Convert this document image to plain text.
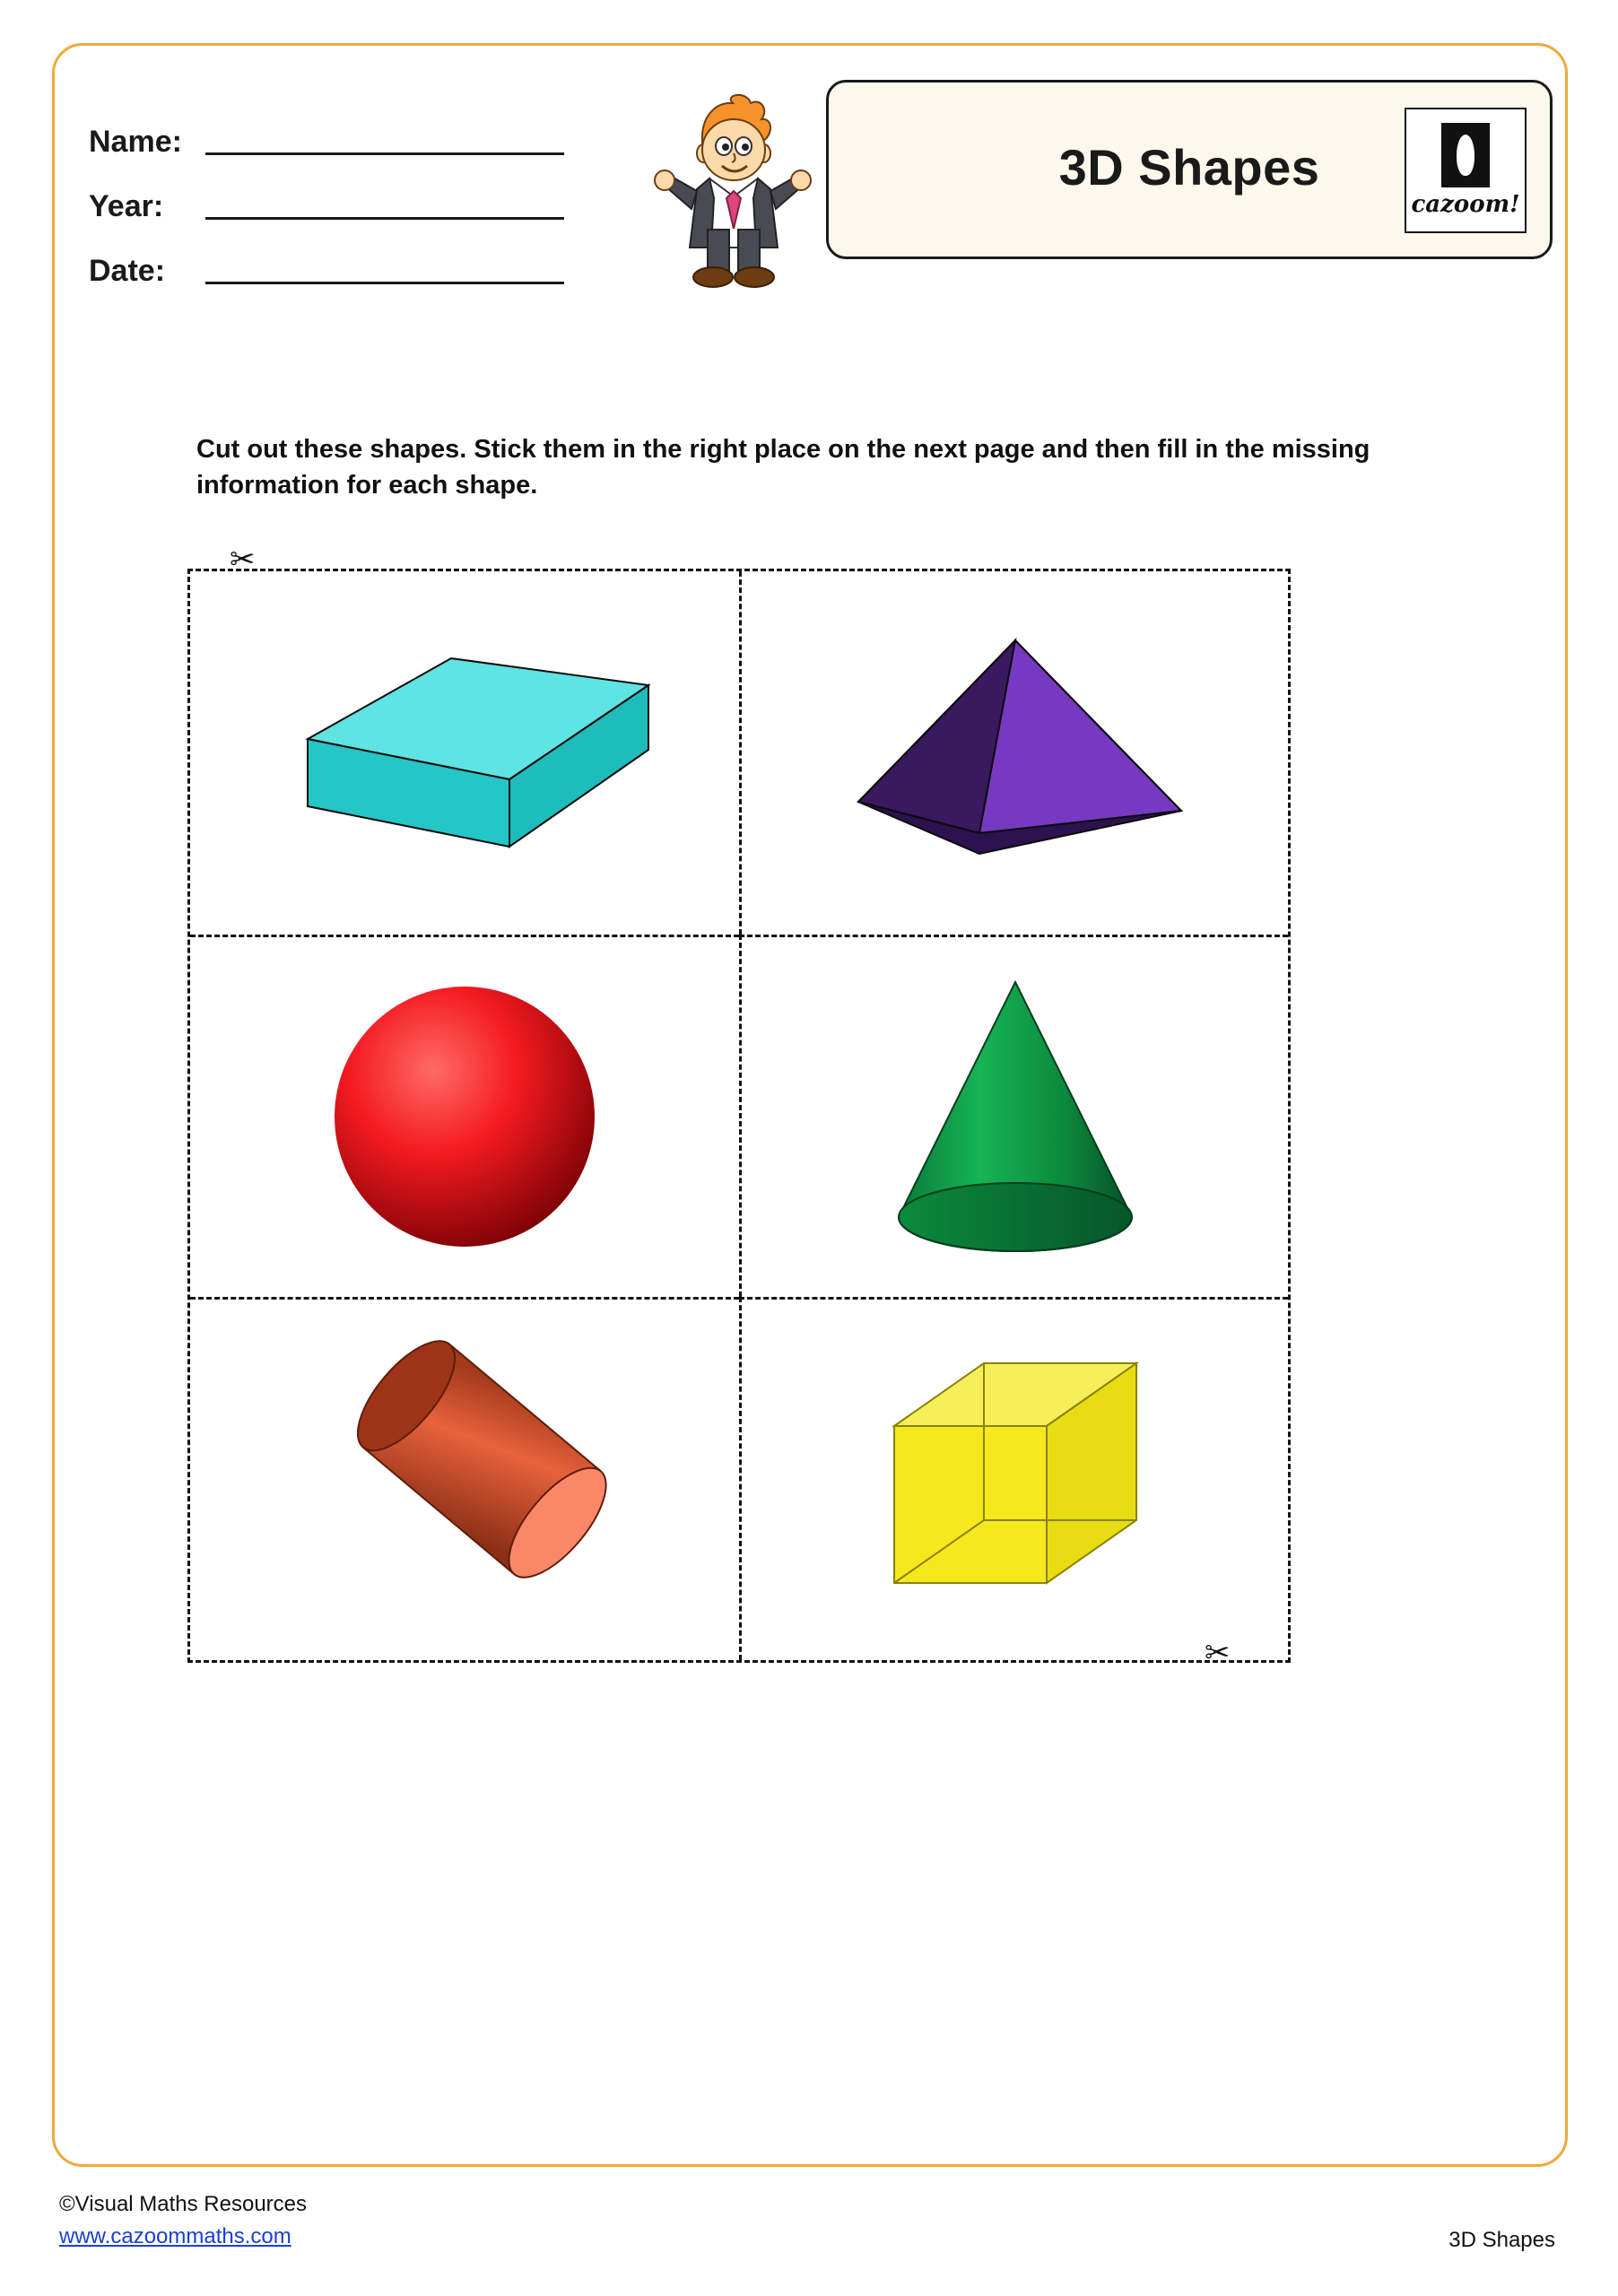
Name:
Year:
Date:
3D Shapes
cazoom!
Cut out these shapes. Stick them in the right place on the next page and then fill in the missing information for each shape.
✂
✂
©Visual Maths Resources
www.cazoommaths.com	3D Shapes
